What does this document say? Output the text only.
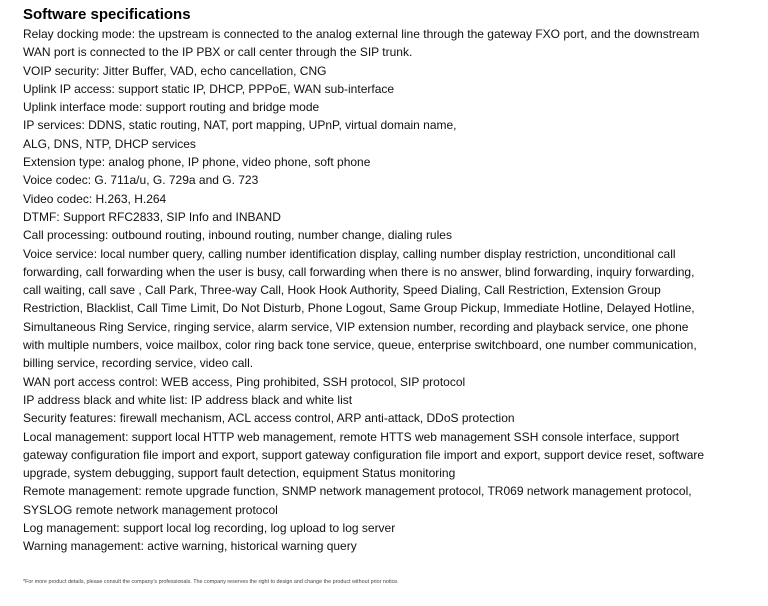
Software specifications
Relay docking mode: the upstream is connected to the analog external line through the gateway FXO port, and the downstream WAN port is connected to the IP PBX or call center through the SIP trunk.
VOIP security: Jitter Buffer, VAD, echo cancellation, CNG
Uplink IP access: support static IP, DHCP, PPPoE, WAN sub-interface
Uplink interface mode: support routing and bridge mode
IP services: DDNS, static routing, NAT, port mapping, UPnP, virtual domain name,
ALG, DNS, NTP, DHCP services
Extension type: analog phone, IP phone, video phone, soft phone
Voice codec: G. 711a/u, G. 729a and G. 723
Video codec: H.263, H.264
DTMF: Support RFC2833, SIP Info and INBAND
Call processing: outbound routing, inbound routing, number change, dialing rules
Voice service: local number query, calling number identification display, calling number display restriction, unconditional call forwarding, call forwarding when the user is busy, call forwarding when there is no answer, blind forwarding, inquiry forwarding, call waiting, call save , Call Park, Three-way Call, Hook Hook Authority, Speed Dialing, Call Restriction, Extension Group Restriction, Blacklist, Call Time Limit, Do Not Disturb, Phone Logout, Same Group Pickup, Immediate Hotline, Delayed Hotline, Simultaneous Ring Service, ringing service, alarm service, VIP extension number, recording and playback service, one phone with multiple numbers, voice mailbox, color ring back tone service, queue, enterprise switchboard, one number communication, billing service, recording service, video call.
WAN port access control: WEB access, Ping prohibited, SSH protocol, SIP protocol
IP address black and white list: IP address black and white list
Security features: firewall mechanism, ACL access control, ARP anti-attack, DDoS protection
Local management: support local HTTP web management, remote HTTS web management SSH console interface, support gateway configuration file import and export, support gateway configuration file import and export, support device reset, software upgrade, system debugging, support fault detection, equipment Status monitoring
Remote management: remote upgrade function, SNMP network management protocol, TR069 network management protocol, SYSLOG remote network management protocol
Log management: support local log recording, log upload to log server
Warning management: active warning, historical warning query
*For more product details, please consult the company's professionals. The company reserves the right to design and change the product without prior notice.
